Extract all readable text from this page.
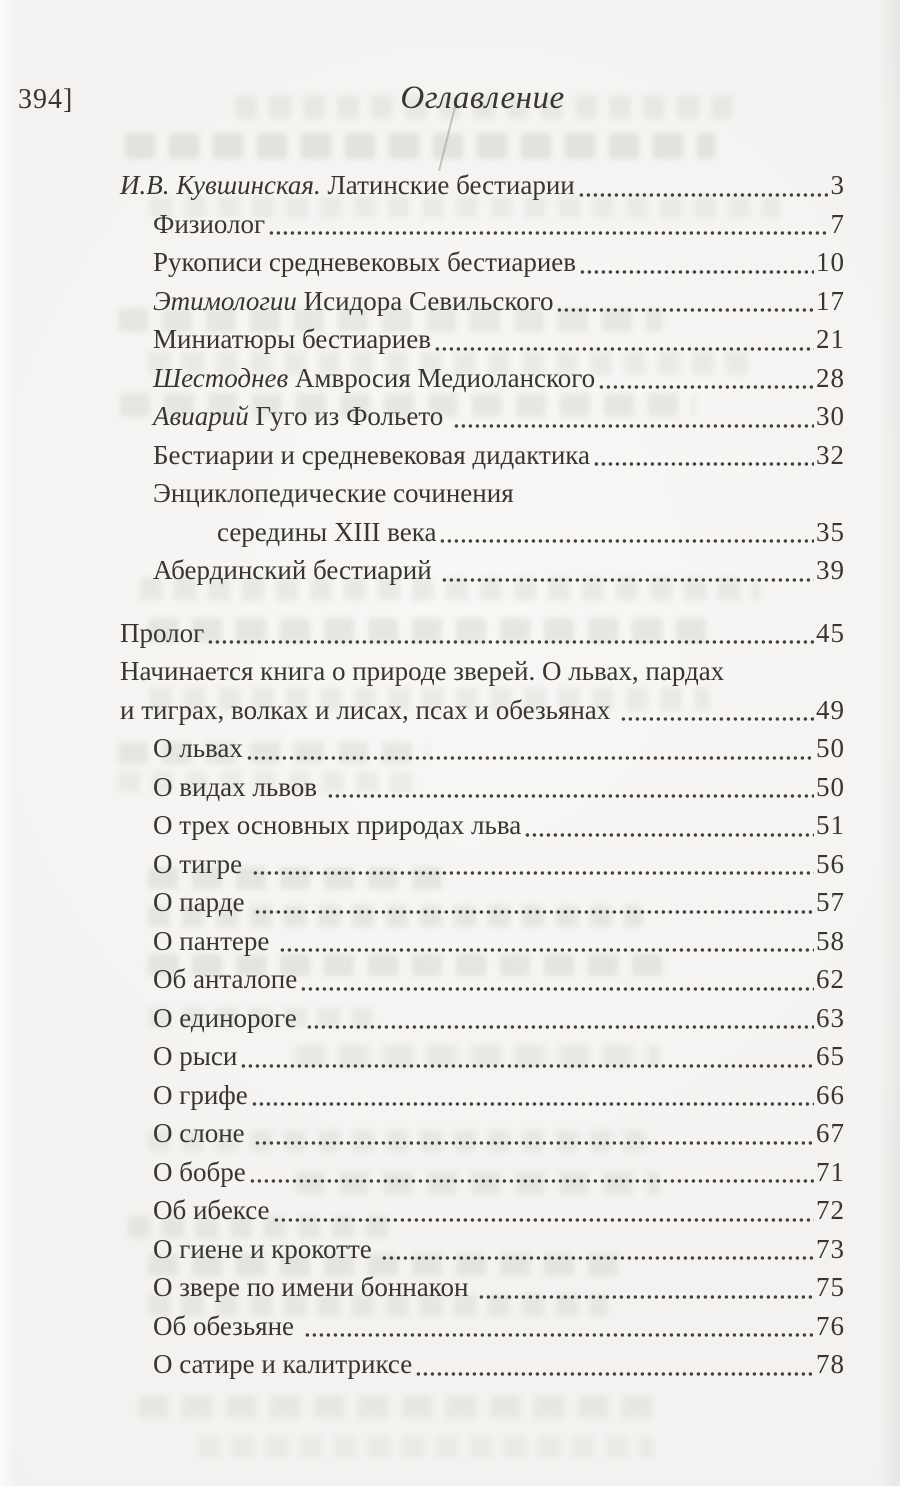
394]	Оглавление
И.В. Кувшинская. Латинские бестиарии	3
Физиолог	7
Рукописи средневековых бестиариев	10
Этимологии Исидора Севильского	17
Миниатюры бестиариев	21
Шестоднев Амвросия Медиоланского	28
Авиарий Гуго из Фольето	30
Бестиарии и средневековая дидактика	32
Энциклопедические сочинения
середины XIII века	35
Абердинский бестиарий	39
Пролог	45
Начинается книга о природе зверей. О львах, пардах
и тиграх, волках и лисах, псах и обезьянах	49
О львах	50
О видах львов	50
О трех основных природах льва	51
О тигре	56
О парде	57
О пантере	58
Об анталопе	62
О единороге	63
О рыси	65
О грифе	66
О слоне	67
О бобре	71
Об ибексе	72
О гиене и крокотте	73
О звере по имени боннакон	75
Об обезьяне	76
О сатире и калитриксе	78
